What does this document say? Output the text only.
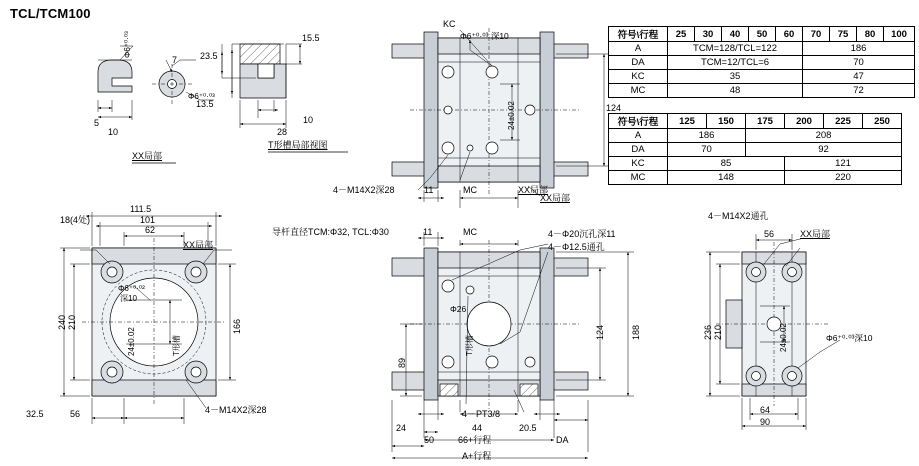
TCL/TCM100
符号\行程	25	30	40	50	60	70	75	80	100
A	TCM=128/TCL=122					186			
DA	TCM=12/TCL=6					70			
KC	35					47			
MC	48					72			
符号\行程	125	150	175	200	225	250
A	186		208			
DA	70		92			
KC	85			121		
MC	148			220		
Φ6⁺⁰·⁰³
5
10
7
Φ6⁺⁰·⁰³
XX局部
23.5
13.5
15.5
10
28
T形槽局部视图
KC
Φ6⁺⁰·⁰³ 深10
124
24±0.02
11	MC	XX局部
4－M14X2深28
111.5
101
18(4处)
62
XX局部
240 210	166
Φ6⁺⁰·⁰²
深10
24±0.02	T形槽
32.5	56	4－M14X2深28
导杆直径TCM:Φ32, TCL:Φ30	11	MC	4－Φ20沉孔深11
4－Φ12.5通孔
Φ26
124	188
89
T形槽
24
4－PT3/8
44	20.5
50	66+行程	DA
A+行程
XX局部
4－M14X2通孔
56	XX局部
236 210	24±0.02	Φ6⁺⁰·⁰³深10
64
90
